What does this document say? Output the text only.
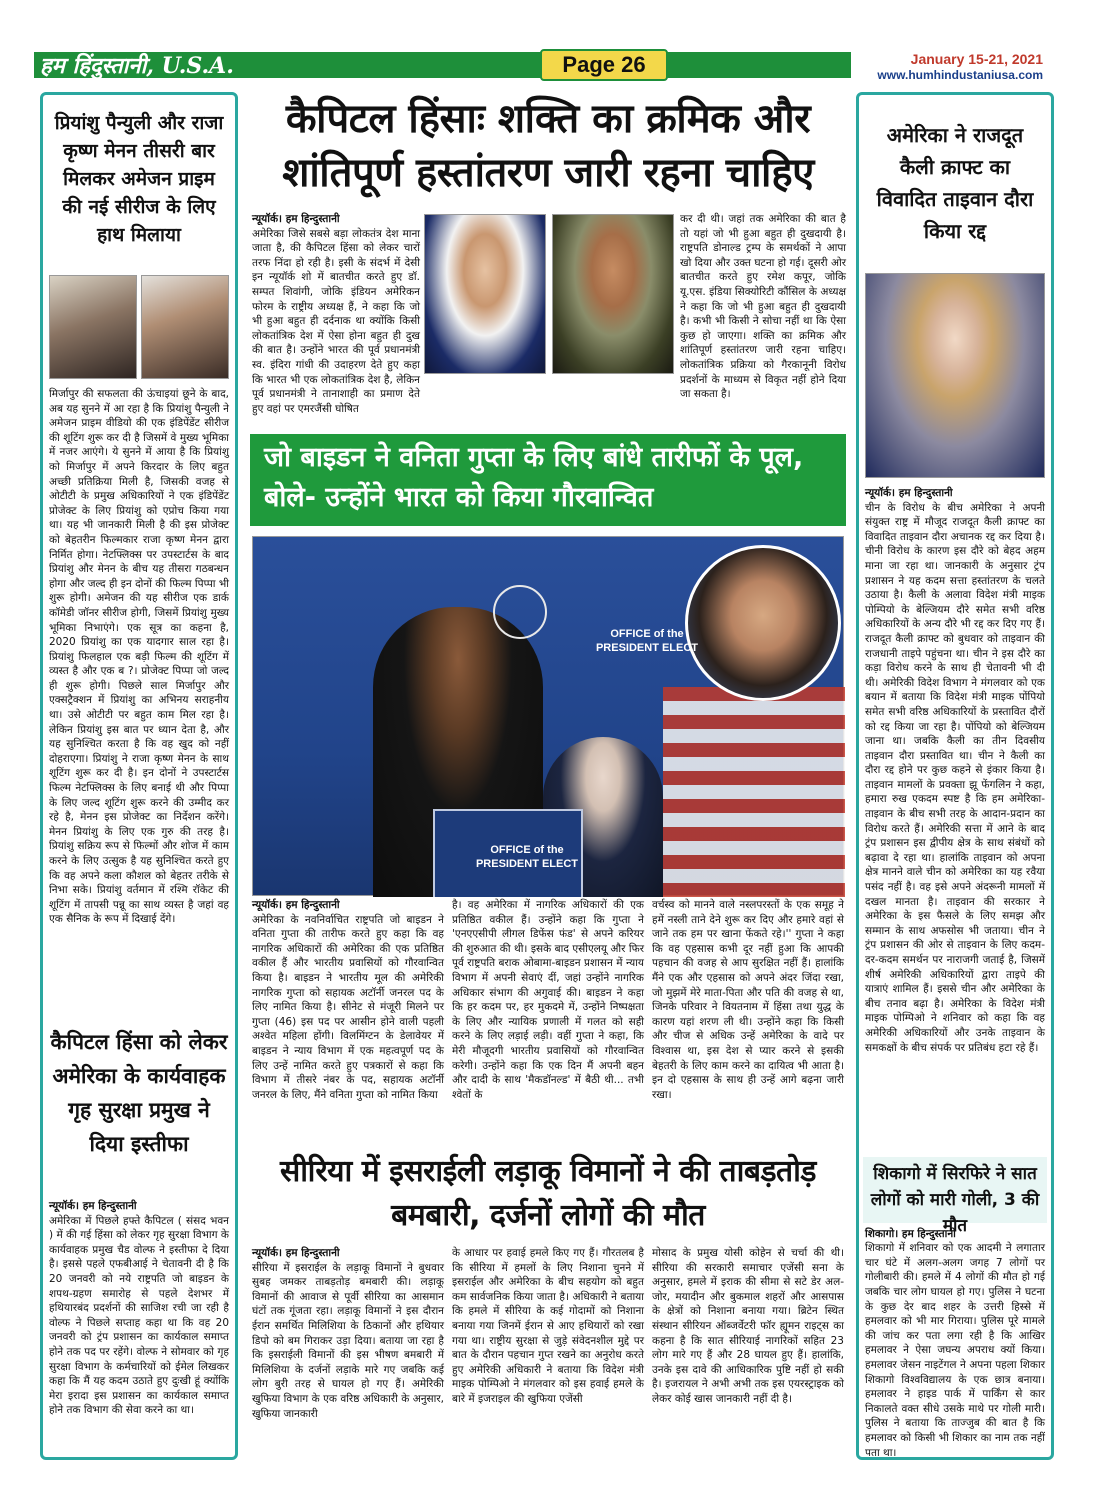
हम हिंदुस्तानी, U.S.A.	Page 26	January 15-21, 2021
www.humhindustaniusa.com
प्रियांशु पैन्युली और राजा कृष्ण मेनन तीसरी बार मिलकर अमेजन प्राइम की नई सीरीज के लिए हाथ मिलाया
मिर्जापुर की सफलता की ऊंचाइयां छूने के बाद, अब यह सुनने में आ रहा है कि प्रियांशु पैन्युली ने अमेजन प्राइम वीडियो की एक इंडिपेंडेंट सीरीज की शूटिंग शुरू कर दी है जिसमें वे मुख्य भूमिका में नजर आएंगे। ये सुनने में आया है कि प्रियांशु को मिर्जापुर में अपने किरदार के लिए बहुत अच्छी प्रतिक्रिया मिली है, जिसकी वजह से ओटीटी के प्रमुख अधिकारियों ने एक इंडिपेंडेंट प्रोजेक्ट के लिए प्रियांशु को एप्रोच किया गया था। यह भी जानकारी मिली है की इस प्रोजेक्ट को बेहतरीन फिल्मकार राजा कृष्ण मेनन द्वारा निर्मित होगा। नेटफ्लिक्स पर उपस्टार्टस के बाद प्रियांशु और मेनन के बीच यह तीसरा गठबन्धन होगा और जल्द ही इन दोनों की फिल्म पिप्पा भी शुरू होगी। अमेजन की यह सीरीज एक डार्क कॉमेडी जॉनर सीरीज होगी, जिसमें प्रियांशु मुख्य भूमिका निभाएंगे। एक सूत्र का कहना है, 2020 प्रियांशु का एक यादगार साल रहा है। प्रियांशु फिलहाल एक बड़ी फिल्म की शूटिंग में व्यस्त है और एक ब ?। प्रोजेक्ट पिप्पा जो जल्द ही शुरू होगी। पिछले साल मिर्जापुर और एक्सट्रैक्शन में प्रियांशु का अभिनय सराहनीय था। उसे ओटीटी पर बहुत काम मिल रहा है। लेकिन प्रियांशु इस बात पर ध्यान देता है, और यह सुनिश्चित करता है कि वह खुद को नहीं दोहराएगा। प्रियांशु ने राजा कृष्ण मेनन के साथ शूटिंग शुरू कर दी है। इन दोनों ने उपस्टार्टस फिल्म नेटफ्लिक्स के लिए बनाई थी और पिप्पा के लिए जल्द शूटिंग शुरू करने की उम्मीद कर रहे है, मेनन इस प्रोजेक्ट का निर्देशन करेंगे। मेनन प्रियांशु के लिए एक गुरु की तरह है। प्रियांशु सक्रिय रूप से फिल्मों और शोज में काम करने के लिए उत्सुक है यह सुनिश्चित करते हुए कि वह अपने कला कौशल को बेहतर तरीके से निभा सके। प्रियांशु वर्तमान में रश्मि रॉकेट की शूटिंग में तापसी पन्नू का साथ व्यस्त है जहां वह एक सैनिक के रूप में दिखाई देंगे।
कैपिटल हिंसा को लेकर अमेरिका के कार्यवाहक गृह सुरक्षा प्रमुख ने दिया इस्तीफा
न्यूयॉर्क। हम हिन्दुस्तानी
अमेरिका में पिछले हफ्ते कैपिटल ( संसद भवन ) में की गई हिंसा को लेकर गृह सुरक्षा विभाग के कार्यवाहक प्रमुख चैड वोल्फ ने इस्तीफा दे दिया है। इससे पहले एफबीआई ने चेतावनी दी है कि 20 जनवरी को नये राष्ट्रपति जो बाइडन के शपथ-ग्रहण समारोह से पहले देशभर में हथियारबंद प्रदर्शनों की साजिश रची जा रही है वोल्फ ने पिछले सप्ताह कहा था कि वह 20 जनवरी को ट्रंप प्रशासन का कार्यकाल समाप्त होने तक पद पर रहेंगे। वोल्फ ने सोमवार को गृह सुरक्षा विभाग के कर्मचारियों को ईमेल लिखकर कहा कि मैं यह कदम उठाते हुए दुःखी हूं क्योंकि मेरा इरादा इस प्रशासन का कार्यकाल समाप्त होने तक विभाग की सेवा करने का था।
अमेरिका ने राजदूत कैली क्राफ्ट का विवादित ताइवान दौरा किया रद्द
न्यूयॉर्क। हम हिन्दुस्तानी
चीन के विरोध के बीच अमेरिका ने अपनी संयुक्त राष्ट्र में मौजूद राजदूत कैली क्राफ्ट का विवादित ताइवान दौरा अचानक रद्द कर दिया है। चीनी विरोध के कारण इस दौरे को बेहद अहम माना जा रहा था। जानकारी के अनुसार ट्रंप प्रशासन ने यह कदम सत्ता हस्तांतरण के चलते उठाया है। कैली के अलावा विदेश मंत्री माइक पोम्पियो के बेल्जियम दौरे समेत सभी वरिष्ठ अधिकारियों के अन्य दौरे भी रद्द कर दिए गए हैं। राजदूत कैली क्राफ्ट को बुधवार को ताइवान की राजधानी ताइपे पहुंचना था। चीन ने इस दौरे का कड़ा विरोध करने के साथ ही चेतावनी भी दी थी। अमेरिकी विदेश विभाग ने मंगलवार को एक बयान में बताया कि विदेश मंत्री माइक पोंपियो समेत सभी वरिष्ठ अधिकारियों के प्रस्तावित दौरों को रद्द किया जा रहा है। पोंपियो को बेल्जियम जाना था। जबकि कैली का तीन दिवसीय ताइवान दौरा प्रस्तावित था। चीन ने कैली का दौरा रद्द होने पर कुछ कहने से इंकार किया है। ताइवान मामलों के प्रवक्ता झू फेंगलिन ने कहा, हमारा रुख एकदम स्पष्ट है कि हम अमेरिका-ताइवान के बीच सभी तरह के आदान-प्रदान का विरोध करते हैं। अमेरिकी सत्ता में आने के बाद ट्रंप प्रशासन इस द्वीपीय क्षेत्र के साथ संबंधों को बढ़ावा दे रहा था। हालांकि ताइवान को अपना क्षेत्र मानने वाले चीन को अमेरिका का यह रवैया पसंद नहीं है। वह इसे अपने अंदरूनी मामलों में दखल मानता है। ताइवान की सरकार ने अमेरिका के इस फैसले के लिए समझ और सम्मान के साथ अफसोस भी जताया। चीन ने ट्रंप प्रशासन की ओर से ताइवान के लिए कदम-दर-कदम समर्थन पर नाराजगी जताई है, जिसमें शीर्ष अमेरिकी अधिकारियों द्वारा ताइपे की यात्राएं शामिल हैं। इससे चीन और अमेरिका के बीच तनाव बढ़ा है। अमेरिका के विदेश मंत्री माइक पोम्पिओ ने शनिवार को कहा कि वह अमेरिकी अधिकारियों और उनके ताइवान के समकक्षों के बीच संपर्क पर प्रतिबंध हटा रहे हैं।
शिकागो में सिरफिरे ने सात लोगों को मारी गोली, 3 की मौत
शिकागो। हम हिन्दुस्तानी
शिकागो में शनिवार को एक आदमी ने लगातार चार घंटे में अलग-अलग जगह 7 लोगों पर गोलीबारी की। हमले में 4 लोगों की मौत हो गई जबकि चार लोग घायल हो गए। पुलिस ने घटना के कुछ देर बाद शहर के उत्तरी हिस्से में हमलवार को भी मार गिराया। पुलिस पूरे मामले की जांच कर पता लगा रही है कि आखिर हमलावर ने ऐसा जघन्य अपराध क्यों किया। हमलावर जेसन नाइटेंगल ने अपना पहला शिकार शिकागो विश्वविद्यालय के एक छात्र बनाया। हमलावर ने हाइड पार्क में पार्किंग से कार निकालते वक्त सीधे उसके माथे पर गोली मारी। पुलिस ने बताया कि ताज्जुब की बात है कि हमलावर को किसी भी शिकार का नाम तक नहीं पता था।
कैपिटल हिंसाः शक्ति का क्रमिक और शांतिपूर्ण हस्तांतरण जारी रहना चाहिए
न्यूयॉर्क। हम हिन्दुस्तानी
अमेरिका जिसे सबसे बड़ा लोकतंत्र देश माना जाता है, की कैपिटल हिंसा को लेकर चारों तरफ निंदा हो रही है। इसी के संदर्भ में देसी इन न्यूयॉर्क शो में बातचीत करते हुए डॉ. सम्पत शिवांगी, जोकि इंडियन अमेरिकन फोरम के राष्ट्रीय अध्यक्ष हैं, ने कहा कि जो भी हुआ बहुत ही दर्दनाक था क्योंकि किसी लोकतांत्रिक देश में ऐसा होना बहुत ही दुख की बात है। उन्होंने भारत की पूर्व प्रधानमंत्री स्व. इंदिरा गांधी की उदाहरण देते हुए कहा कि भारत भी एक लोकतांत्रिक देश है, लेकिन पूर्व प्रधानमंत्री ने तानाशाही का प्रमाण देते हुए वहां पर एमरजैंसी घोषित
कर दी थी। जहां तक अमेरिका की बात है तो यहां जो भी हुआ बहुत ही दुखदायी है। राष्ट्रपति डोनाल्ड ट्रम्प के समर्थकों ने आपा खो दिया और उक्त घटना हो गई। दूसरी ओर बातचीत करते हुए रमेश कपूर, जोकि यू.एस. इंडिया सिक्योरिटी कौंसिल के अध्यक्ष ने कहा कि जो भी हुआ बहुत ही दुखदायी है। कभी भी किसी ने सोचा नहीं था कि ऐसा कुछ हो जाएगा। शक्ति का क्रमिक और शांतिपूर्ण हस्तांतरण जारी रहना चाहिए। लोकतांत्रिक प्रक्रिया को गैरकानूनी विरोध प्रदर्शनों के माध्यम से विकृत नहीं होने दिया जा सकता है।
जो बाइडन ने वनिता गुप्ता के लिए बांधे तारीफों के पूल, बोले- उन्होंने भारत को किया गौरवान्वित
OFFICE of the PRESIDENT ELECT
OFFICE of the PRESIDENT ELECT
न्यूयॉर्क। हम हिन्दुस्तानी
अमेरिका के नवनिर्वाचित राष्ट्रपति जो बाइडन ने वनिता गुप्ता की तारीफ करते हुए कहा कि वह नागरिक अधिकारों की अमेरिका की एक प्रतिष्ठित वकील हैं और भारतीय प्रवासियों को गौरवान्वित किया है। बाइडन ने भारतीय मूल की अमेरिकी नागरिक गुप्ता को सहायक अटॉर्नी जनरल पद के लिए नामित किया है। सीनेट से मंजूरी मिलने पर गुप्ता (46) इस पद पर आसीन होने वाली पहली अश्वेत महिला होंगी। विलमिंग्टन के डेलावेयर में बाइडन ने न्याय विभाग में एक महत्वपूर्ण पद के लिए उन्हें नामित करते हुए पत्रकारों से कहा कि विभाग में तीसरे नंबर के पद, सहायक अटॉर्नी जनरल के लिए, मैंने वनिता गुप्ता को नामित किया
है। वह अमेरिका में नागरिक अधिकारों की एक प्रतिष्ठित वकील हैं। उन्होंने कहा कि गुप्ता ने 'एनएएसीपी लीगल डिफेंस फंड' से अपने करियर की शुरुआत की थी। इसके बाद एसीएलयू और फिर पूर्व राष्ट्रपति बराक ओबामा-बाइडन प्रशासन में न्याय विभाग में अपनी सेवाएं दीं, जहां उन्होंने नागरिक अधिकार संभाग की अगुवाई की। बाइडन ने कहा कि हर कदम पर, हर मुकदमे में, उन्होंने निष्पक्षता के लिए और न्यायिक प्रणाली में गलत को सही करने के लिए लड़ाई लड़ी। वहीं गुप्ता ने कहा, कि मेरी मौजूदगी भारतीय प्रवासियों को गौरवान्वित करेगी। उन्होंने कहा कि एक दिन मैं अपनी बहन और दादी के साथ 'मैकडॉनल्ड' में बैठी थी... तभी श्वेतों के
वर्चस्व को मानने वाले नस्लपरस्तों के एक समूह ने हमें नस्ली ताने देने शुरू कर दिए और हमारे वहां से जाने तक हम पर खाना फेंकते रहे।'' गुप्ता ने कहा कि वह एहसास कभी दूर नहीं हुआ कि आपकी पहचान की वजह से आप सुरक्षित नहीं हैं। हालांकि मैंने एक और एहसास को अपने अंदर जिंदा रखा, जो मुझमें मेरे माता-पिता और पति की वजह से था, जिनके परिवार ने वियतनाम में हिंसा तथा युद्ध के कारण यहां शरण ली थी। उन्होंने कहा कि किसी और चीज से अधिक उन्हें अमेरिका के वादे पर विश्वास था, इस देश से प्यार करने से इसकी बेहतरी के लिए काम करने का दायित्व भी आता है। इन दो एहसास के साथ ही उन्हें आगे बढ़ना जारी रखा।
सीरिया में इसराईली लड़ाकू विमानों ने की ताबड़तोड़ बमबारी, दर्जनों लोगों की मौत
न्यूयॉर्क। हम हिन्दुस्तानी
सीरिया में इसराईल के लड़ाकू विमानों ने बुधवार सुबह जमकर ताबड़तोड़ बमबारी की। लड़ाकू विमानों की आवाज से पूर्वी सीरिया का आसमान घंटों तक गूंजता रहा। लड़ाकू विमानों ने इस दौरान ईरान समर्थित मिलिशिया के ठिकानों और हथियार डिपो को बम गिराकर उड़ा दिया। बताया जा रहा है कि इसराईली विमानों की इस भीषण बमबारी में मिलिशिया के दर्जनों लड़ाके मारे गए जबकि कई लोग बुरी तरह से घायल हो गए हैं। अमेरिकी खुफिया विभाग के एक वरिष्ठ अधिकारी के अनुसार, खुफिया जानकारी
के आधार पर हवाई हमले किए गए हैं। गौरतलब है कि सीरिया में हमलों के लिए निशाना चुनने में इसराईल और अमेरिका के बीच सहयोग को बहुत कम सार्वजनिक किया जाता है। अधिकारी ने बताया कि हमले में सीरिया के कई गोदामों को निशाना बनाया गया जिनमें ईरान से आए हथियारों को रखा गया था। राष्ट्रीय सुरक्षा से जुड़े संवेदनशील मुद्दे पर बात के दौरान पहचान गुप्त रखने का अनुरोध करते हुए अमेरिकी अधिकारी ने बताया कि विदेश मंत्री माइक पोम्पिओ ने मंगलवार को इस हवाई हमले के बारे में इजराइल की खुफिया एजेंसी
मोसाद के प्रमुख योसी कोहेन से चर्चा की थी। सीरिया की सरकारी समाचार एजेंसी सना के अनुसार, हमले में इराक की सीमा से सटे डेर अल-जोर, मयादीन और बुकमाल शहरों और आसपास के क्षेत्रों को निशाना बनाया गया। ब्रिटेन स्थित संस्थान सीरियन ऑब्जर्वेटरी फॉर ह्यूमन राइट्स का कहना है कि सात सीरियाई नागरिकों सहित 23 लोग मारे गए हैं और 28 घायल हुए हैं। हालांकि, उनके इस दावे की आधिकारिक पुष्टि नहीं हो सकी है। इजरायल ने अभी अभी तक इस एयरस्ट्राइक को लेकर कोई खास जानकारी नहीं दी है।
